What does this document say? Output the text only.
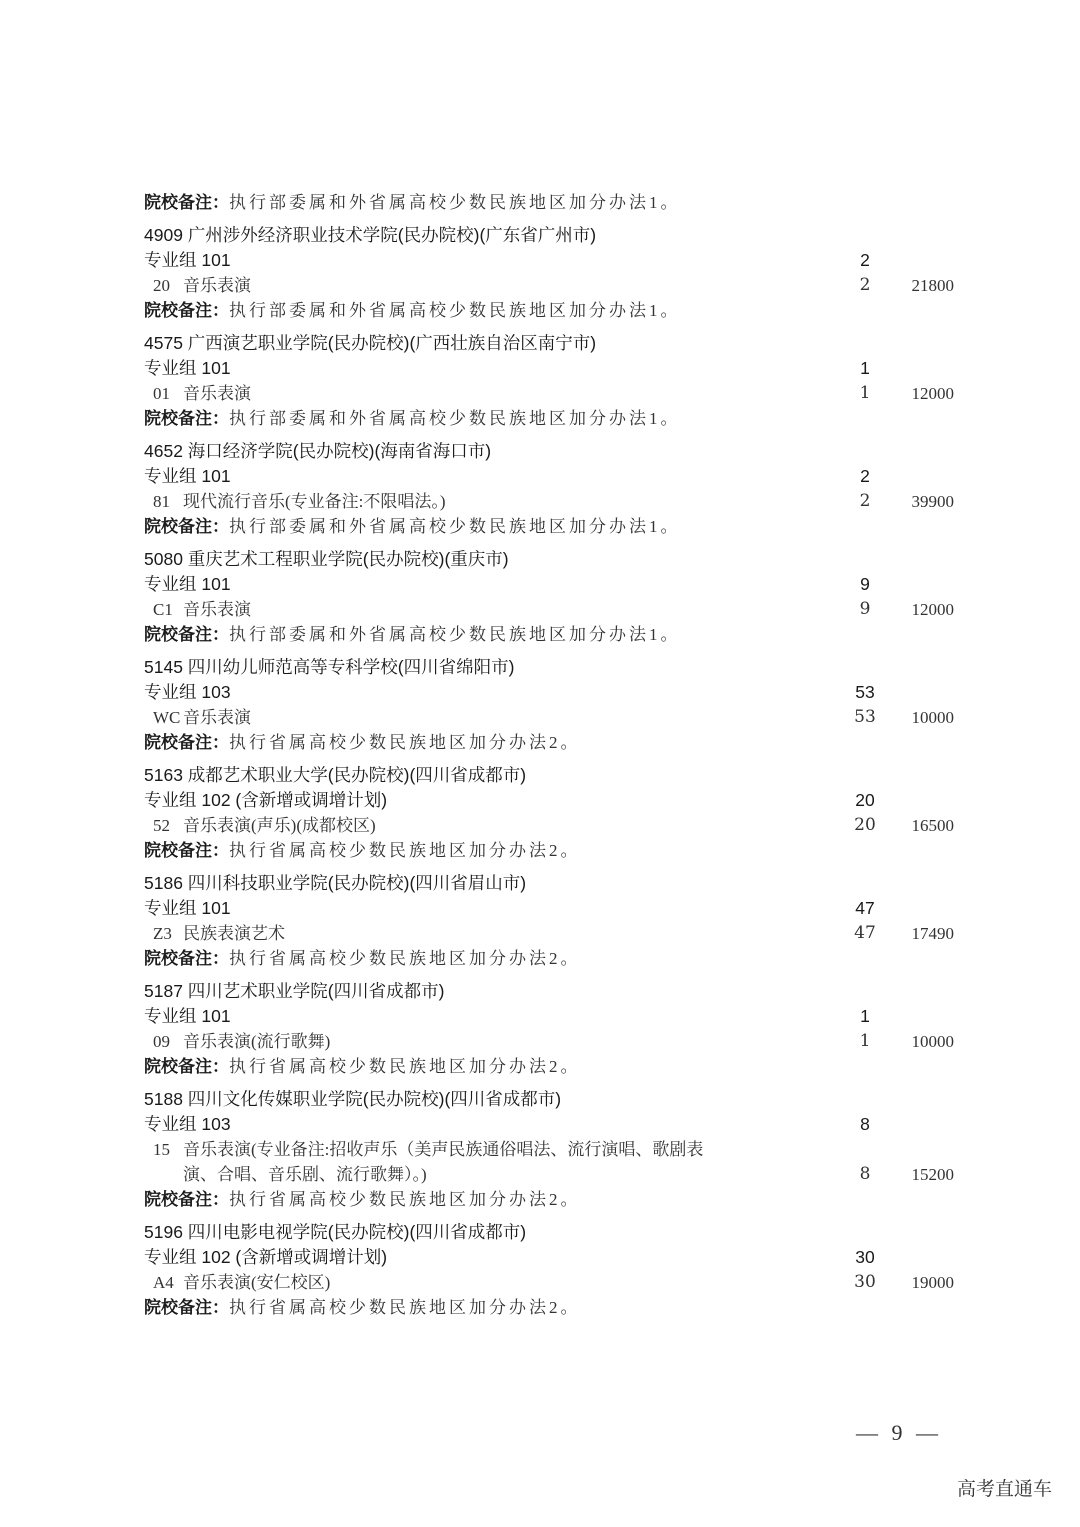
院校备注：执行部委属和外省属高校少数民族地区加分办法1。
4909 广州涉外经济职业技术学院(民办院校)(广东省广州市)
专业组 101	2
20 音乐表演	2	21800
院校备注：执行部委属和外省属高校少数民族地区加分办法1。
4575 广西演艺职业学院(民办院校)(广西壮族自治区南宁市)
专业组 101	1
01 音乐表演	1	12000
院校备注：执行部委属和外省属高校少数民族地区加分办法1。
4652 海口经济学院(民办院校)(海南省海口市)
专业组 101	2
81 现代流行音乐(专业备注:不限唱法。)	2	39900
院校备注：执行部委属和外省属高校少数民族地区加分办法1。
5080 重庆艺术工程职业学院(民办院校)(重庆市)
专业组 101	9
C1 音乐表演	9	12000
院校备注：执行部委属和外省属高校少数民族地区加分办法1。
5145 四川幼儿师范高等专科学校(四川省绵阳市)
专业组 103	53
WC 音乐表演	53	10000
院校备注：执行省属高校少数民族地区加分办法2。
5163 成都艺术职业大学(民办院校)(四川省成都市)
专业组 102 (含新增或调增计划)	20
52 音乐表演(声乐)(成都校区)	20	16500
院校备注：执行省属高校少数民族地区加分办法2。
5186 四川科技职业学院(民办院校)(四川省眉山市)
专业组 101	47
Z3 民族表演艺术	47	17490
院校备注：执行省属高校少数民族地区加分办法2。
5187 四川艺术职业学院(四川省成都市)
专业组 101	1
09 音乐表演(流行歌舞)	1	10000
院校备注：执行省属高校少数民族地区加分办法2。
5188 四川文化传媒职业学院(民办院校)(四川省成都市)
专业组 103	8
15 音乐表演(专业备注:招收声乐（美声民族通俗唱法、流行演唱、歌剧表
演、合唱、音乐剧、流行歌舞）。)	8	15200
院校备注：执行省属高校少数民族地区加分办法2。
5196 四川电影电视学院(民办院校)(四川省成都市)
专业组 102 (含新增或调增计划)	30
A4 音乐表演(安仁校区)	30	19000
院校备注：执行省属高校少数民族地区加分办法2。
— 9 —
高考直通车
